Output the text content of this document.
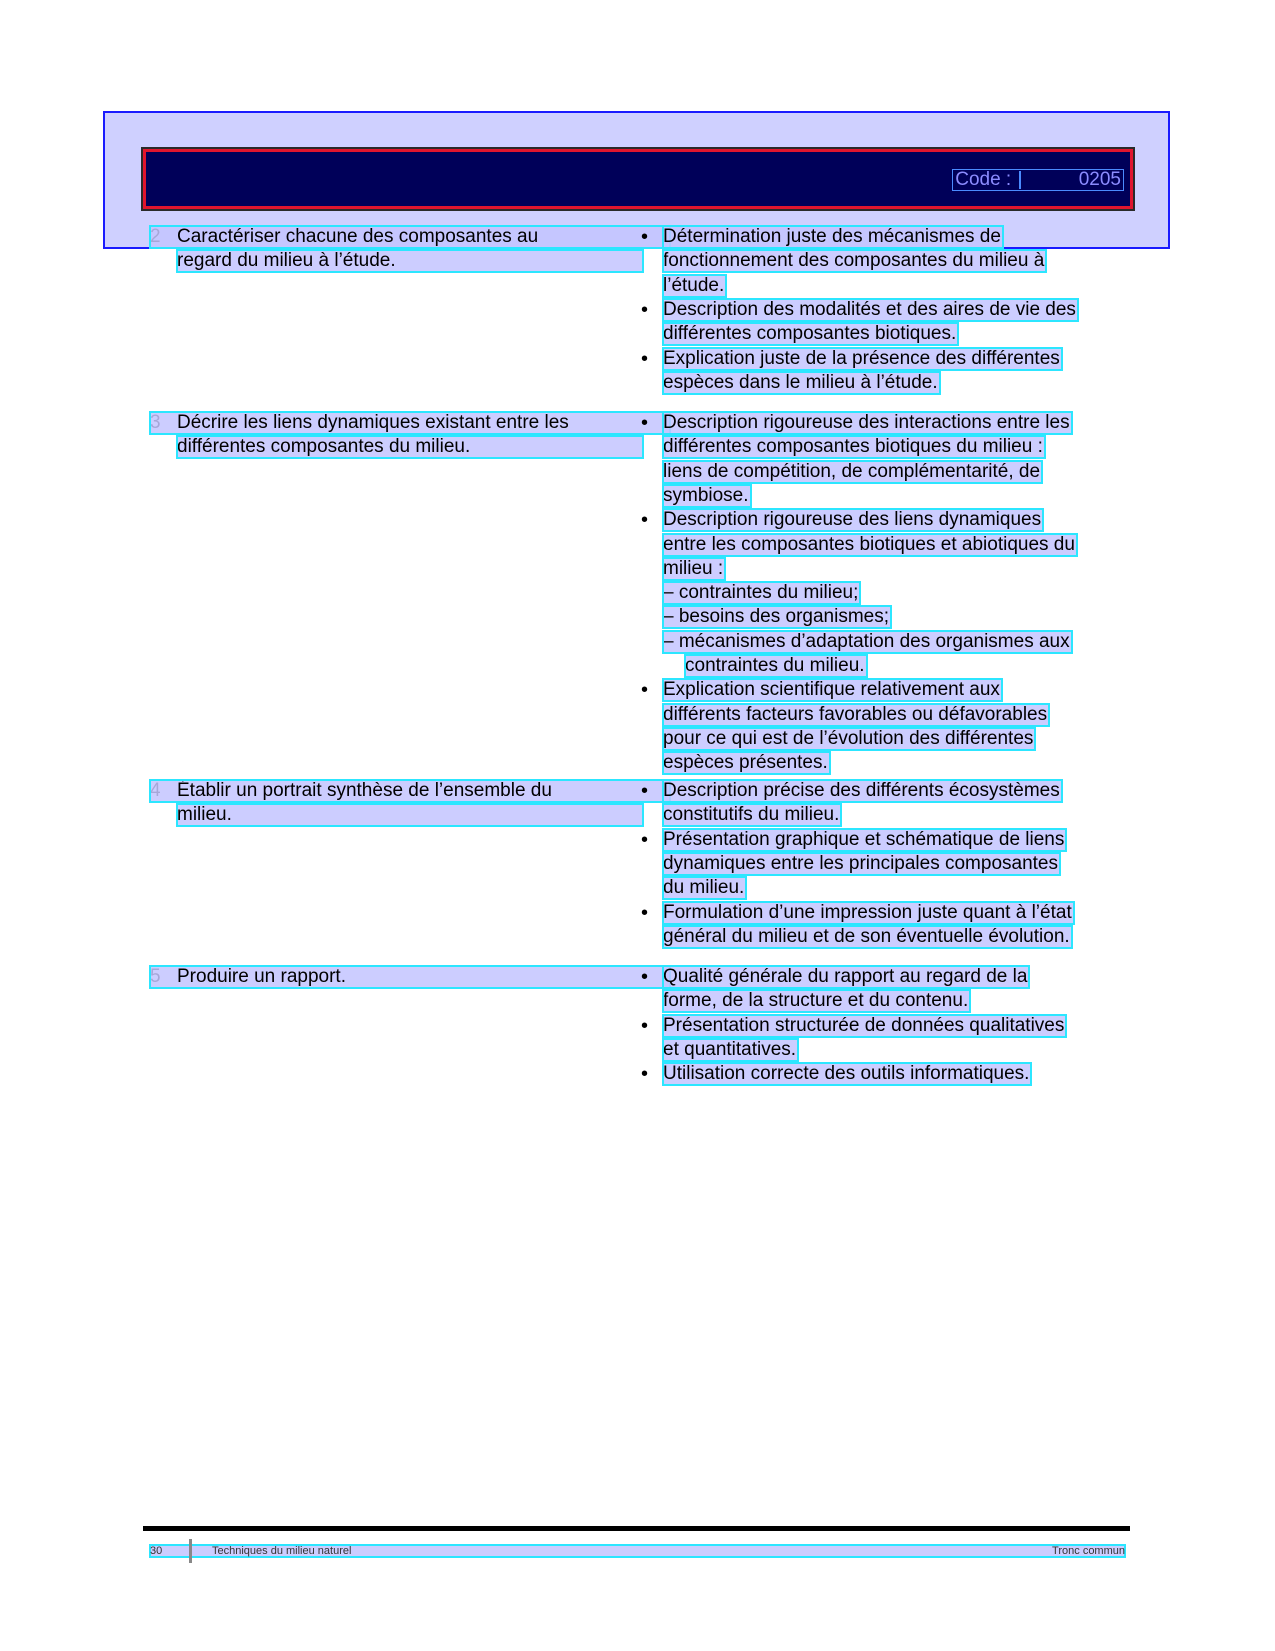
Code :	0205
Caractériser chacune des composantes au
regard du milieu à l’étude.
• Détermination juste des mécanismes de
fonctionnement des composantes du milieu à
l’étude.
• Description des modalités et des aires de vie des
différentes composantes biotiques.
• Explication juste de la présence des différentes
espèces dans le milieu à l’étude.
Décrire les liens dynamiques existant entre les
différentes composantes du milieu.
• Description rigoureuse des interactions entre les
différentes composantes biotiques du milieu :
liens de compétition, de complémentarité, de
symbiose.
• Description rigoureuse des liens dynamiques
entre les composantes biotiques et abiotiques du
milieu :
– contraintes du milieu;
– besoins des organismes;
– mécanismes d’adaptation des organismes aux
contraintes du milieu.
• Explication scientifique relativement aux
différents facteurs favorables ou défavorables
pour ce qui est de l’évolution des différentes
espèces présentes.
Établir un portrait synthèse de l’ensemble du
milieu.
• Description précise des différents écosystèmes
constitutifs du milieu.
• Présentation graphique et schématique de liens
dynamiques entre les principales composantes
du milieu.
• Formulation d’une impression juste quant à l’état
général du milieu et de son éventuelle évolution.
Produire un rapport.	• Qualité générale du rapport au regard de la
forme, de la structure et du contenu.
• Présentation structurée de données qualitatives
et quantitatives.
• Utilisation correcte des outils informatiques.
30	Techniques du milieu naturel	Tronc commun
